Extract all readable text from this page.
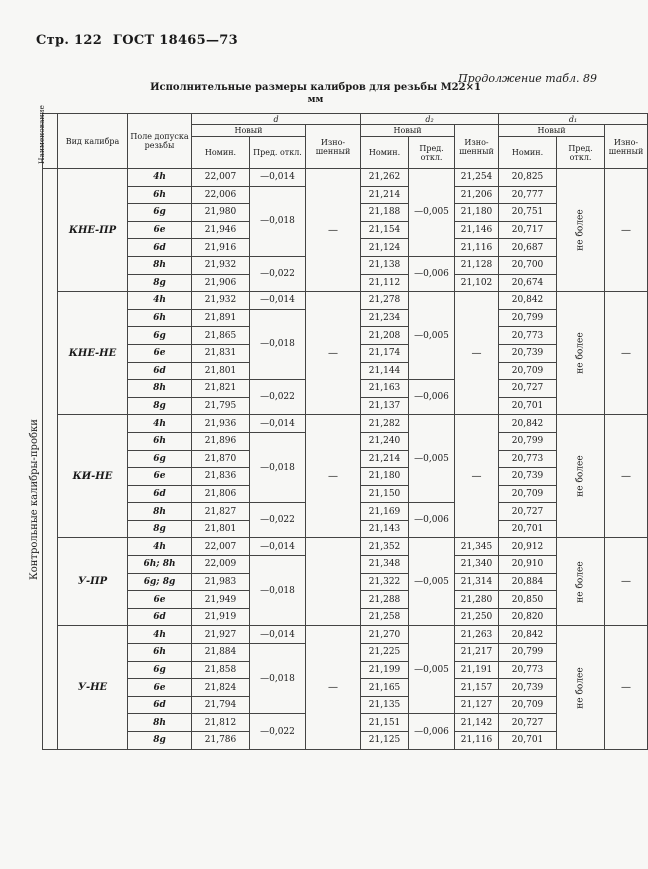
Стр. 122 ГОСТ 18465—73
Продолжение табл. 89
Исполнительные размеры калибров для резьбы М22×1
мм
Контрольные калибры-пробки
Наименование	Вид калибра	Поле допуска резьбы	d			d₂			d₁		
			Новый		Изно-шенный	Новый		Изно-шенный	Новый		Изно-шенный
			Номин.	Пред. откл.		Номин.	Пред. откл.		Номин.	Пред. откл.	

	КНЕ-ПР	4h	22,007	—0,014	—	21,262	—0,005	21,254	20,825	не более	—
		6h	22,006	—0,018		21,214		21,206	20,777		
		6g	21,980			21,188		21,180	20,751		
		6e	21,946			21,154		21,146	20,717		
		6d	21,916			21,124		21,116	20,687		
		8h	21,932	—0,022		21,138	—0,006	21,128	20,700		
		8g	21,906			21,112		21,102	20,674		
	КНЕ-НЕ	4h	21,932	—0,014	—	21,278	—0,005	—	20,842	не более	—
		6h	21,891	—0,018		21,234			20,799		
		6g	21,865			21,208			20,773		
		6e	21,831			21,174			20,739		
		6d	21,801			21,144			20,709		
		8h	21,821	—0,022		21,163	—0,006		20,727		
		8g	21,795			21,137			20,701		
	КИ-НЕ	4h	21,936	—0,014	—	21,282	—0,005	—	20,842	не более	—
		6h	21,896	—0,018		21,240			20,799		
		6g	21,870			21,214			20,773		
		6e	21,836			21,180			20,739		
		6d	21,806			21,150			20,709		
		8h	21,827	—0,022		21,169	—0,006		20,727		
		8g	21,801			21,143			20,701		
	У-ПР	4h	22,007	—0,014		21,352	—0,005	21,345	20,912	не более	—
		6h; 8h	22,009	—0,018		21,348		21,340	20,910		
		6g; 8g	21,983			21,322		21,314	20,884		
		6e	21,949			21,288		21,280	20,850		
		6d	21,919			21,258		21,250	20,820		
	У-НЕ	4h	21,927	—0,014	—	21,270	—0,005	21,263	20,842	не более	—
		6h	21,884	—0,018		21,225		21,217	20,799		
		6g	21,858			21,199		21,191	20,773		
		6e	21,824			21,165		21,157	20,739		
		6d	21,794			21,135		21,127	20,709		
		8h	21,812	—0,022		21,151	—0,006	21,142	20,727		
		8g	21,786			21,125		21,116	20,701		
